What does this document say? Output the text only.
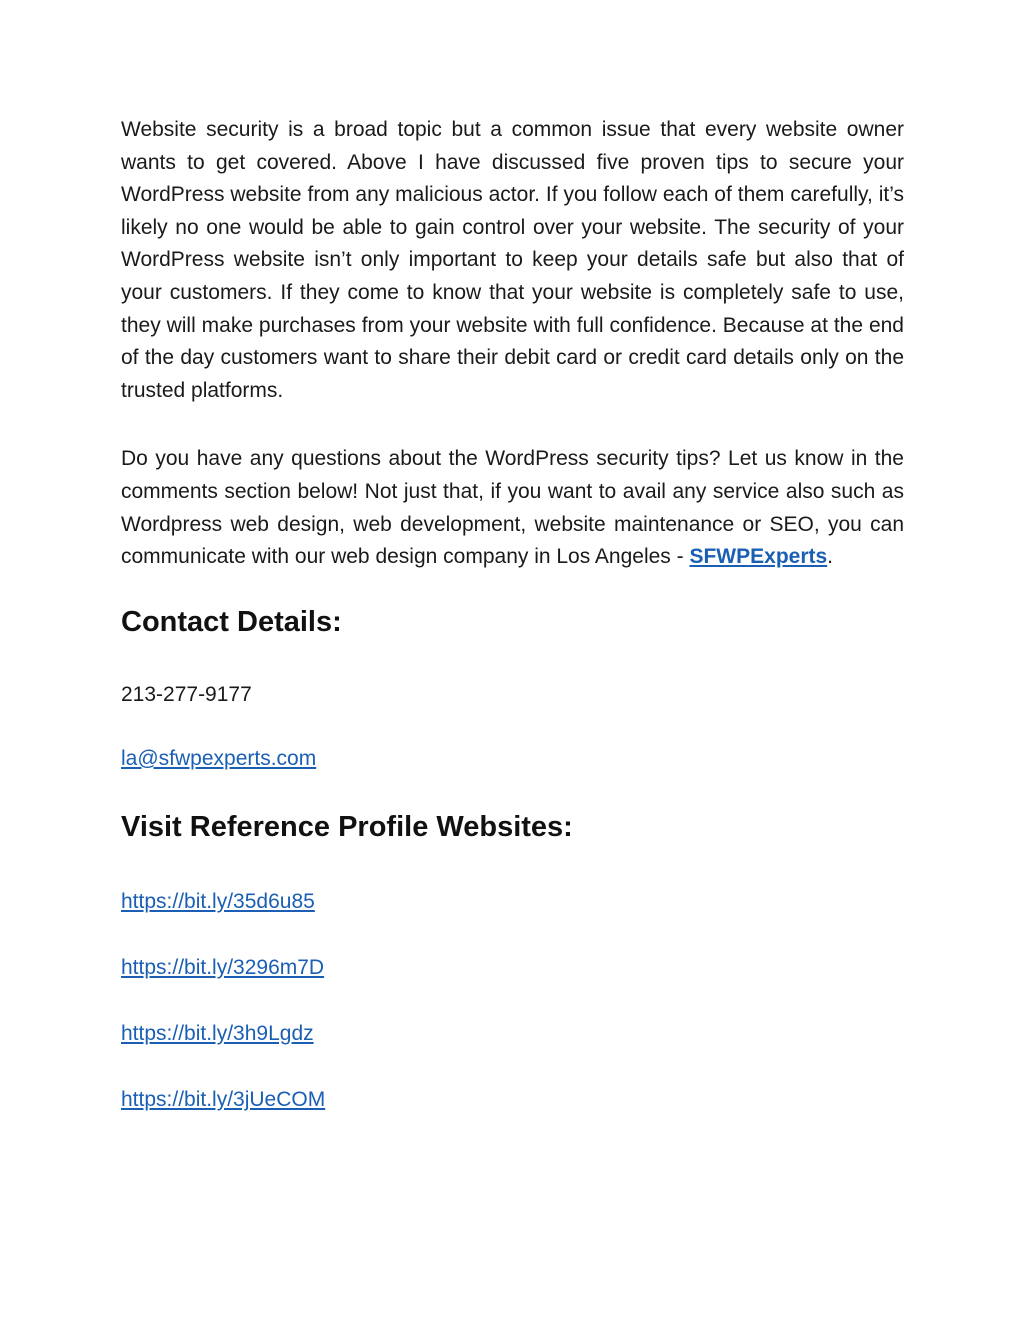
Website security is a broad topic but a common issue that every website owner wants to get covered. Above I have discussed five proven tips to secure your WordPress website from any malicious actor. If you follow each of them carefully, it’s likely no one would be able to gain control over your website. The security of your WordPress website isn’t only important to keep your details safe but also that of your customers. If they come to know that your website is completely safe to use, they will make purchases from your website with full confidence. Because at the end of the day customers want to share their debit card or credit card details only on the trusted platforms.

Do you have any questions about the WordPress security tips? Let us know in the comments section below! Not just that, if you want to avail any service also such as Wordpress web design, web development, website maintenance or SEO, you can communicate with our web design company in Los Angeles - SFWPExperts.

Contact Details:

213-277-9177

la@sfwpexperts.com

Visit Reference Profile Websites:
https://bit.ly/35d6u85
https://bit.ly/3296m7D
https://bit.ly/3h9Lgdz
https://bit.ly/3jUeCOM
